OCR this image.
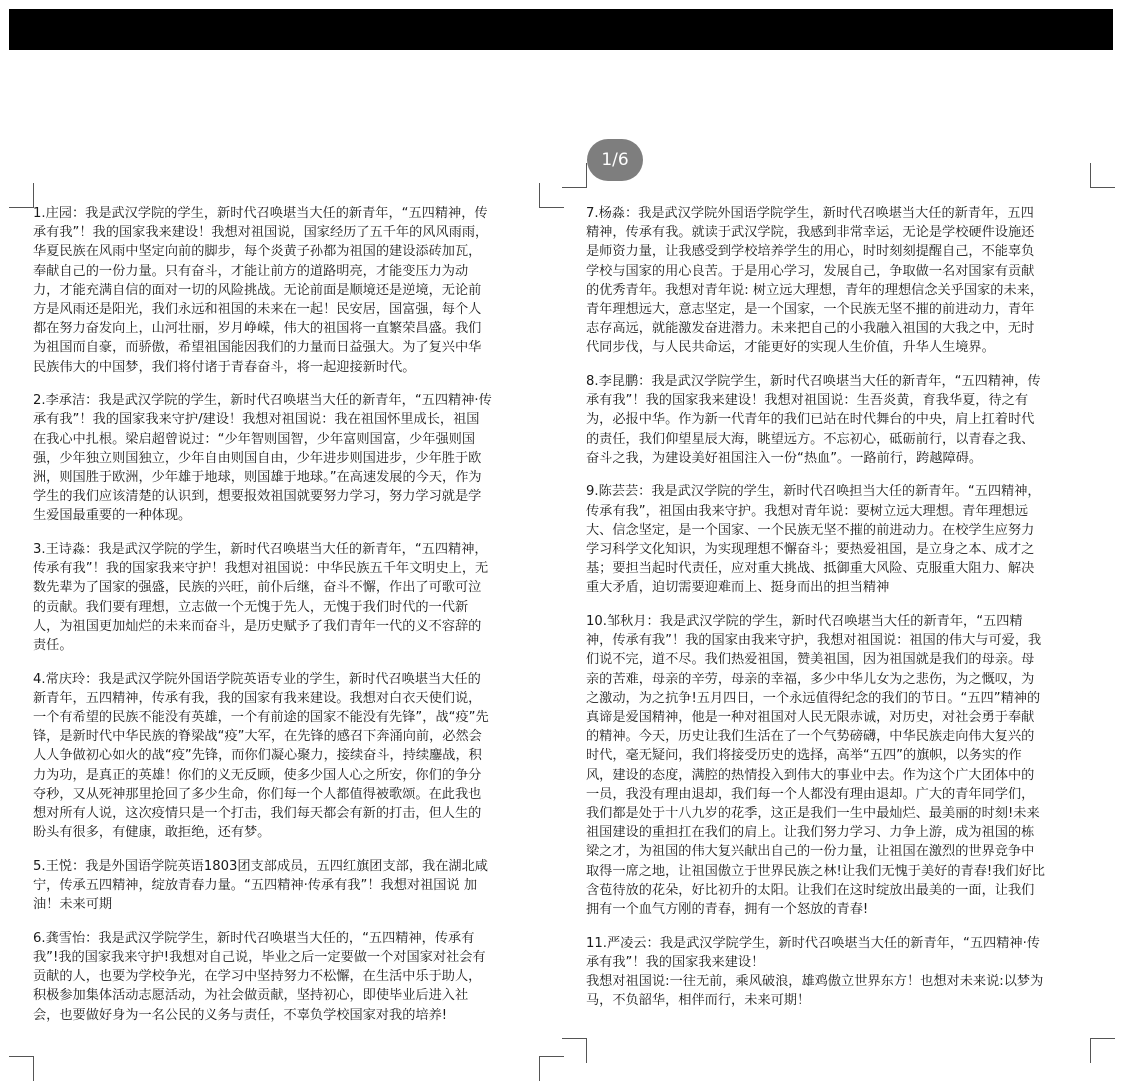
1/6

1.庄园：我是武汉学院的学生，新时代召唤堪当大任的新青年，“五四精神，传
承有我”！我的国家我来建设！我想对祖国说，国家经历了五千年的风风雨雨，
华夏民族在风雨中坚定向前的脚步，每个炎黄子孙都为祖国的建设添砖加瓦，
奉献自己的一份力量。只有奋斗，才能让前方的道路明亮，才能变压力为动
力，才能充满自信的面对一切的风险挑战。无论前面是顺境还是逆境，无论前
方是风雨还是阳光，我们永远和祖国的未来在一起！民安居，国富强，每个人
都在努力奋发向上，山河壮丽，岁月峥嵘，伟大的祖国将一直繁荣昌盛。我们
为祖国而自豪，而骄傲，希望祖国能因我们的力量而日益强大。为了复兴中华
民族伟大的中国梦，我们将付诸于青春奋斗，将一起迎接新时代。

2.李承洁：我是武汉学院的学生，新时代召唤堪当大任的新青年，“五四精神·传
承有我”！我的国家我来守护/建设！我想对祖国说：我在祖国怀里成长，祖国
在我心中扎根。梁启超曾说过：“少年智则国智，少年富则国富，少年强则国
强，少年独立则国独立，少年自由则国自由，少年进步则国进步，少年胜于欧
洲，则国胜于欧洲，少年雄于地球，则国雄于地球。”在高速发展的今天，作为
学生的我们应该清楚的认识到，想要报效祖国就要努力学习，努力学习就是学
生爱国最重要的一种体现。

3.王诗淼：我是武汉学院的学生，新时代召唤堪当大任的新青年，“五四精神，
传承有我”！我的国家我来守护！我想对祖国说：中华民族五千年文明史上，无
数先辈为了国家的强盛，民族的兴旺，前仆后继，奋斗不懈，作出了可歌可泣
的贡献。我们要有理想，立志做一个无愧于先人，无愧于我们时代的一代新
人，为祖国更加灿烂的未来而奋斗，是历史赋予了我们青年一代的义不容辞的
责任。

4.常庆玲：我是武汉学院外国语学院英语专业的学生，新时代召唤堪当大任的
新青年，五四精神，传承有我，我的国家有我来建设。我想对白衣天使们说，
一个有希望的民族不能没有英雄，一个有前途的国家不能没有先锋”，战“疫”先
锋，是新时代中华民族的脊梁战“疫”大军，在先锋的感召下奔涌向前，必然会
人人争做初心如火的战“疫”先锋，而你们凝心聚力，接续奋斗，持续鏖战，积
力为功，是真正的英雄！你们的义无反顾，使多少国人心之所安，你们的争分
夺秒，又从死神那里抢回了多少生命，你们每一个人都值得被歌颂。在此我也
想对所有人说，这次疫情只是一个打击，我们每天都会有新的打击，但人生的
盼头有很多，有健康，敢拒绝，还有梦。

5.王悦：我是外国语学院英语1803团支部成员，五四红旗团支部，我在湖北咸
宁，传承五四精神，绽放青春力量。“五四精神·传承有我”！我想对祖国说 加
油！未来可期

6.龚雪怡：我是武汉学院学生，新时代召唤堪当大任的，“五四精神，传承有
我”!我的国家我来守护!我想对自己说，毕业之后一定要做一个对国家对社会有
贡献的人，也要为学校争光，在学习中坚持努力不松懈，在生活中乐于助人，
积极参加集体活动志愿活动，为社会做贡献，坚持初心，即使毕业后进入社
会，也要做好身为一名公民的义务与责任，不辜负学校国家对我的培养!

7.杨淼：我是武汉学院外国语学院学生，新时代召唤堪当大任的新青年，五四
精神，传承有我。就读于武汉学院，我感到非常幸运，无论是学校硬件设施还
是师资力量，让我感受到学校培养学生的用心，时时刻刻提醒自己，不能辜负
学校与国家的用心良苦。于是用心学习，发展自己，争取做一名对国家有贡献
的优秀青年。我想对青年说: 树立远大理想，青年的理想信念关乎国家的未来，
青年理想远大，意志坚定，是一个国家，一个民族无坚不摧的前进动力，青年
志存高远，就能激发奋进潜力。未来把自己的小我融入祖国的大我之中，无时
代同步伐，与人民共命运，才能更好的实现人生价值，升华人生境界。

8.李昆鹏：我是武汉学院学生，新时代召唤堪当大任的新青年，“五四精神，传
承有我”！我的国家我来建设！我想对祖国说：生吾炎黄，育我华夏，待之有
为，必报中华。作为新一代青年的我们已站在时代舞台的中央，肩上扛着时代
的责任，我们仰望星辰大海，眺望远方。不忘初心，砥砺前行，以青春之我、
奋斗之我，为建设美好祖国注入一份“热血”。一路前行，跨越障碍。

9.陈芸芸：我是武汉学院的学生，新时代召唤担当大任的新青年。“五四精神，
传承有我”，祖国由我来守护。我想对青年说：要树立远大理想。青年理想远
大、信念坚定，是一个国家、一个民族无坚不摧的前进动力。在校学生应努力
学习科学文化知识，为实现理想不懈奋斗；要热爱祖国，是立身之本、成才之
基；要担当起时代责任，应对重大挑战、抵御重大风险、克服重大阻力、解决
重大矛盾，迫切需要迎难而上、挺身而出的担当精神

10.邹秋月：我是武汉学院的学生，新时代召唤堪当大任的新青年，“五四精
神，传承有我”！我的国家由我来守护，我想对祖国说：祖国的伟大与可爱，我
们说不完，道不尽。我们热爱祖国，赞美祖国，因为祖国就是我们的母亲。母
亲的苦难，母亲的辛劳，母亲的幸福，多少中华儿女为之悲伤，为之慨叹，为
之激动，为之抗争!五月四日，一个永远值得纪念的我们的节日。“五四”精神的
真谛是爱国精神，他是一种对祖国对人民无限赤诚，对历史，对社会勇于奉献
的精神。今天，历史让我们生活在了一个气势磅礴，中华民族走向伟大复兴的
时代，毫无疑问，我们将接受历史的选择，高举“五四”的旗帜，以务实的作
风，建设的态度，满腔的热情投入到伟大的事业中去。作为这个广大团体中的
一员，我没有理由退却，我们每一个人都没有理由退却。广大的青年同学们，
我们都是处于十八九岁的花季，这正是我们一生中最灿烂、最美丽的时刻!未来
祖国建设的重担扛在我们的肩上。让我们努力学习、力争上游，成为祖国的栋
梁之才，为祖国的伟大复兴献出自己的一份力量，让祖国在激烈的世界竞争中
取得一席之地，让祖国傲立于世界民族之林!让我们无愧于美好的青春!我们好比
含苞待放的花朵，好比初升的太阳。让我们在这时绽放出最美的一面，让我们
拥有一个血气方刚的青春，拥有一个怒放的青春!

11.严凌云：我是武汉学院学生，新时代召唤堪当大任的新青年，“五四精神·传
承有我”！我的国家我来建设！
我想对祖国说:一往无前，乘风破浪，雄鸡傲立世界东方！也想对未来说:以梦为
马，不负韶华，相伴而行，未来可期！
